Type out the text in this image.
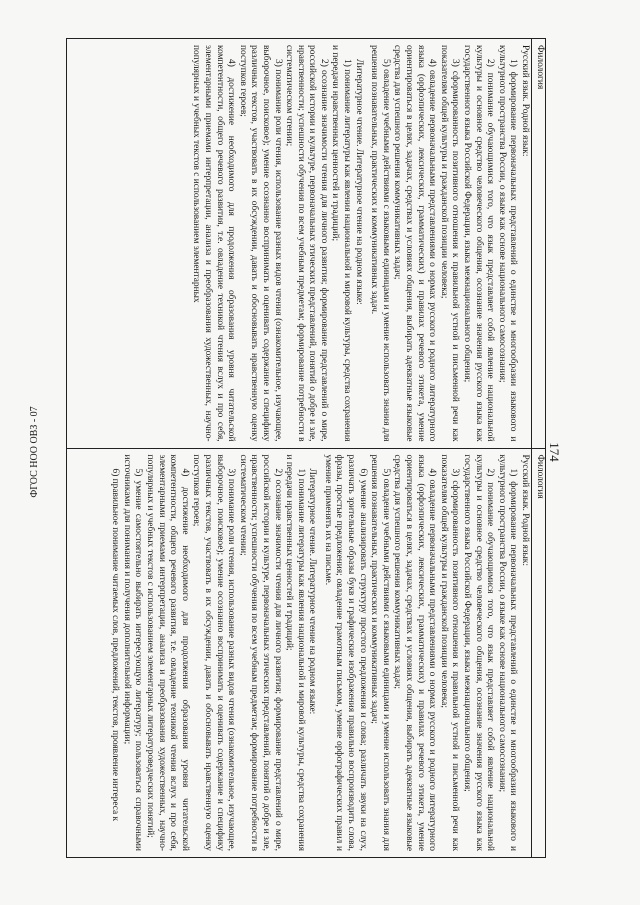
174
ФГОС НОО ОВЗ - 07
Филология
Филология

Русский язык. Родной язык:

1) формирование первоначальных представлений о единстве и многообразии языкового и культурного пространства России, о языке как основе национального самосознания;

2) понимание обучающимися того, что язык представляет собой явление национальной культуры и основное средство человеческого общения, осознание значения русского языка как государственного языка Российской Федерации, языка межнационального общения;

3) сформированность позитивного отношения к правильной устной и письменной речи как показателям общей культуры и гражданской позиции человека;

4) овладение первоначальными представлениями о нормах русского и родного литературного языка (орфоэпических, лексических, грамматических) и правилах речевого этикета, умение ориентироваться в целях, задачах, средствах и условиях общения, выбирать адекватные языковые средства для успешного решения коммуникативных задач;

5) овладение учебными действиями с языковыми единицами и умение использовать знания для решения познавательных, практических и коммуникативных задач.

Литературное чтение. Литературное чтение на родном языке:

1) понимание литературы как явления национальной и мировой культуры, средства сохранения и передачи нравственных ценностей и традиций;

2) осознание значимости чтения для личного развития; формирование представлений о мире, российской истории и культуре, первоначальных этических представлений, понятий о добре и зле, нравственности; успешности обучения по всем учебным предметам; формирование потребности в систематическом чтении;

3) понимание роли чтения, использование разных видов чтения (ознакомительное, изучающее, выборочное, поисковое); умение осознанно воспринимать и оценивать содержание и специфику различных текстов, участвовать в их обсуждении, давать и обосновывать нравственную оценку поступков героев;

4) достижение необходимого для продолжения образования уровня читательской компетентности, общего речевого развития, т.е. овладение техникой чтения вслух и про себя, элементарными приемами интерпретации, анализа и преобразования художественных, научно-популярных и учебных текстов с использованием элементарных

Русский язык. Родной язык:

1) формирование первоначальных представлений о единстве и многообразии языкового и культурного пространства России, о языке как основе национального самосознания;

2) понимание обучающимися того, что язык представляет собой явление национальной культуры и основное средство человеческого общения, осознание значения русского языка как государственного языка Российской Федерации, языка межнационального общения;

3) сформированность позитивного отношения к правильной устной и письменной речи как показателям общей культуры и гражданской позиции человека;

4) овладение первоначальными представлениями о нормах русского и родного литературного языка (орфоэпических, лексических, грамматических) и правилах речевого этикета, умение ориентироваться в целях, задачах, средствах и условиях общения, выбирать адекватные языковые средства для успешного решения коммуникативных задач;

5) овладение учебными действиями с языковыми единицами и умение использовать знания для решения познавательных, практических и коммуникативных задач;

6) умение анализировать структуру простого предложения и слова; различать звуки на слух, различать зрительные образы букв и графические изображения правильно воспроизводить слова, фразы, простые предложения; овладение грамотным письмом, умение орфографических правил и умение применять их на письме.

Литературное чтение. Литературное чтение на родном языке:

1) понимание литературы как явления национальной и мировой культуры, средства сохранения и передачи нравственных ценностей и традиций;

2) осознание значимости чтения для личного развития; формирование представлений о мире, российской истории и культуре, первоначальных этических представлений, понятий о добре и зле, нравственности; успешности обучения по всем учебным предметам; формирование потребности в систематическом чтении;

3) понимание роли чтения, использование разных видов чтения (ознакомительное, изучающее, выборочное, поисковое); умение осознанно воспринимать и оценивать содержание и специфику различных текстов, участвовать в их обсуждении, давать и обосновывать нравственную оценку поступков героев;

4) достижение необходимого для продолжения образования уровня читательской компетентности, общего речевого развития, т.е. овладение техникой чтения вслух и про себя, элементарными приемами интерпретации, анализа и преобразования художественных, научно-популярных и учебных текстов с использованием элементарных литературоведческих понятий;

5) умение самостоятельно выбирать интересующую литературу; пользоваться справочными источниками для понимания и получения дополнительной информации;

6) правильное понимание читаемых слов, предложений, текстов, проявление интереса к
